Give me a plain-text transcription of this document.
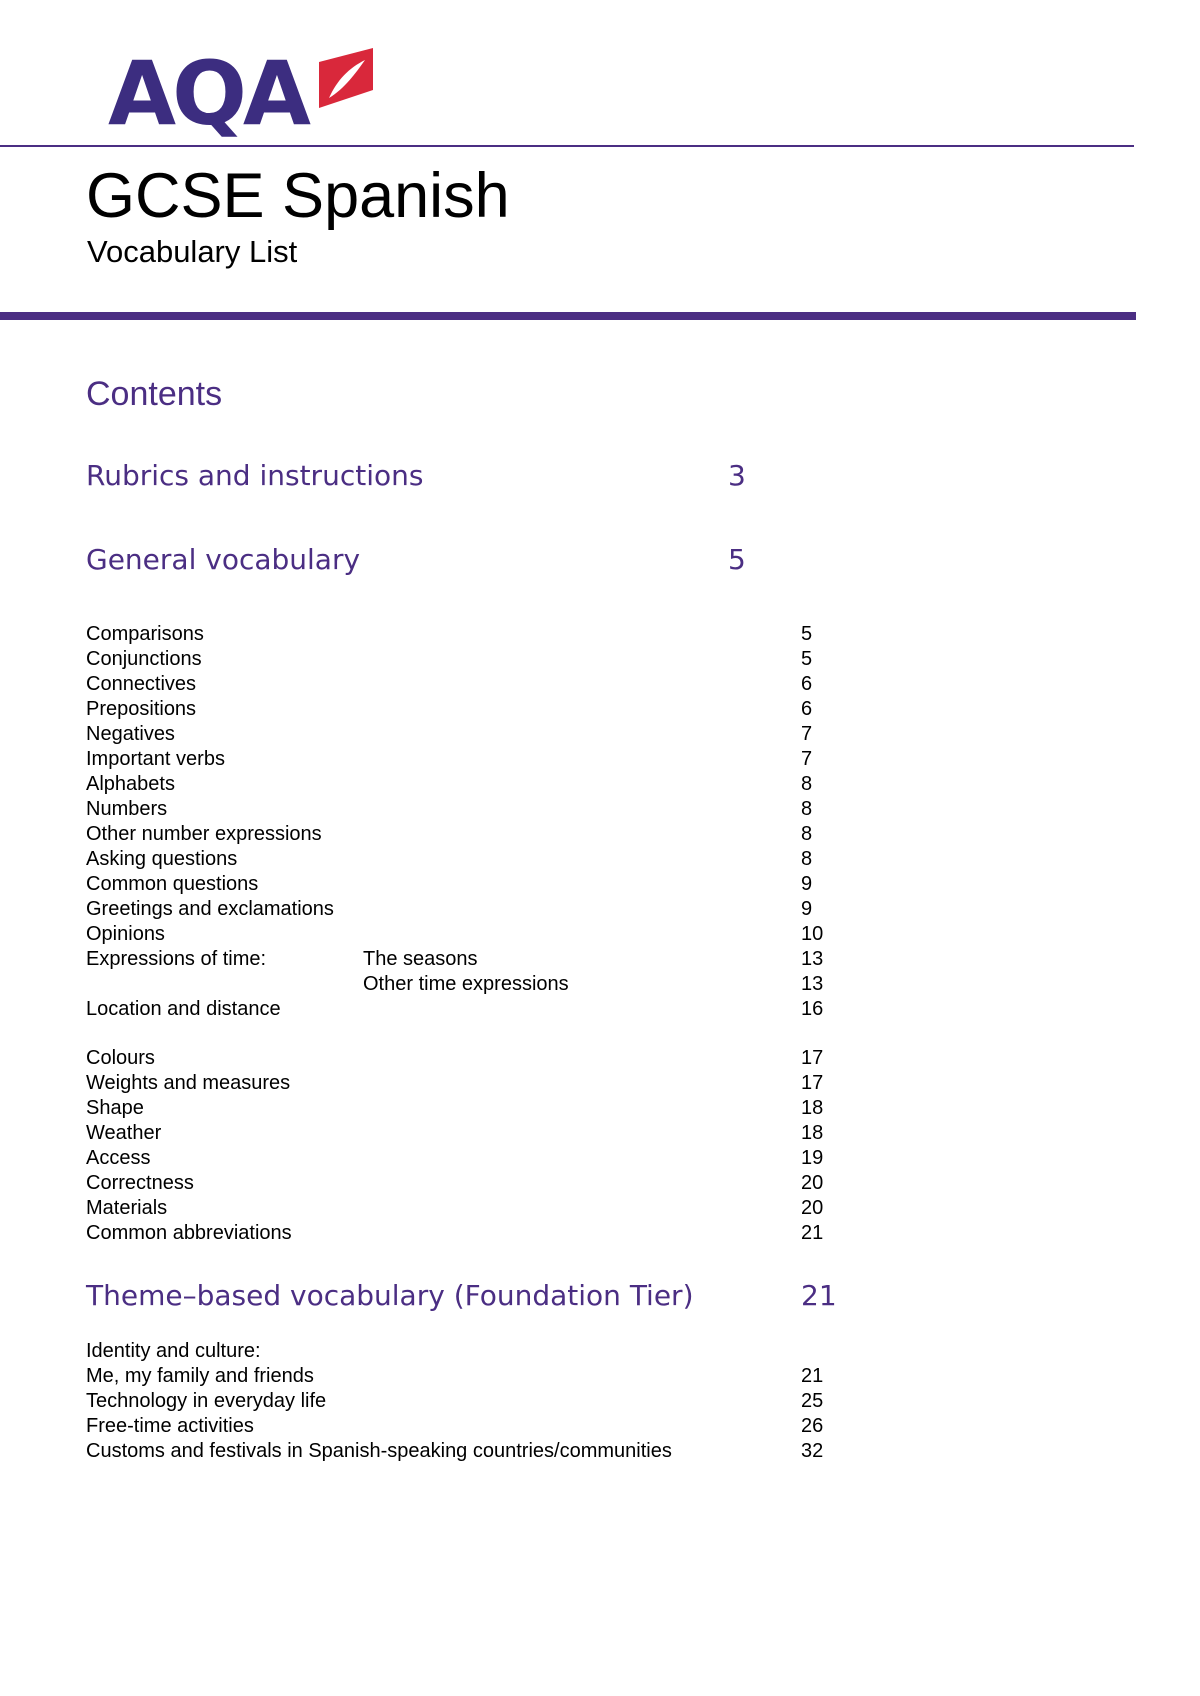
AQA
GCSE Spanish
Vocabulary List
Contents
Rubrics and instructions	3
General vocabulary	5
Comparisons	5
Conjunctions	5
Connectives	6
Prepositions	6
Negatives	7
Important verbs	7
Alphabets	8
Numbers	8
Other number expressions	8
Asking questions	8
Common questions	9
Greetings and exclamations	9
Opinions	10
Expressions of time:	The seasons	13
Other time expressions	13
Location and distance	16
Colours	17
Weights and measures	17
Shape	18
Weather	18
Access	19
Correctness	20
Materials	20
Common abbreviations	21
Theme–based vocabulary (Foundation Tier)	21
Identity and culture:
Me, my family and friends	21
Technology in everyday life	25
Free-time activities	26
Customs and festivals in Spanish-speaking countries/communities	32
